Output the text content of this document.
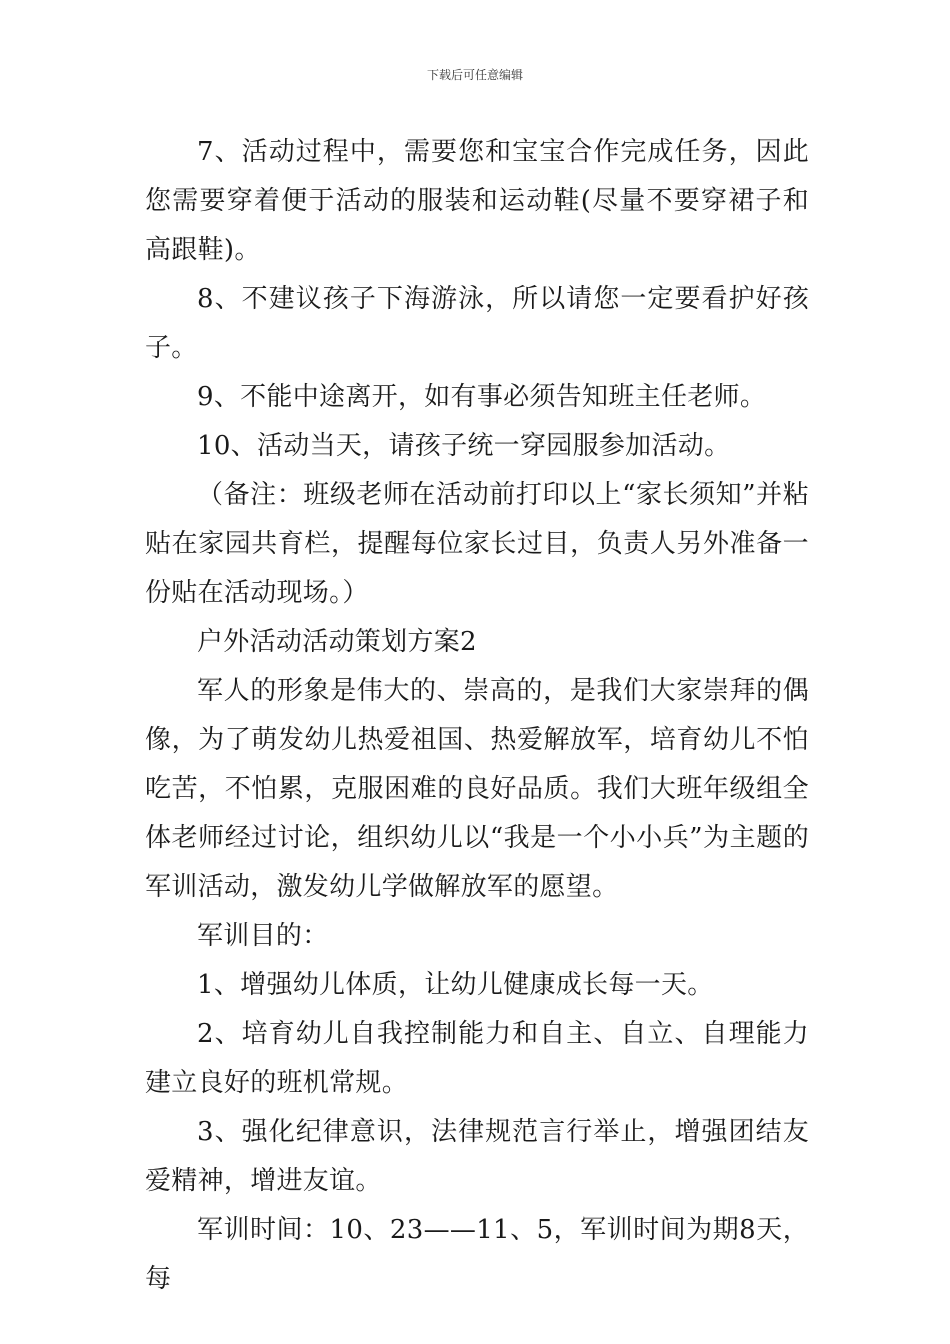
下载后可任意编辑

7、活动过程中，需要您和宝宝合作完成任务，因此您需要穿着便于活动的服装和运动鞋(尽量不要穿裙子和高跟鞋)。

8、不建议孩子下海游泳，所以请您一定要看护好孩子。

9、不能中途离开，如有事必须告知班主任老师。

10、活动当天，请孩子统一穿园服参加活动。

（备注：班级老师在活动前打印以上“家长须知”并粘贴在家园共育栏，提醒每位家长过目，负责人另外准备一份贴在活动现场。）

户外活动活动策划方案2

军人的形象是伟大的、崇高的，是我们大家崇拜的偶像，为了萌发幼儿热爱祖国、热爱解放军，培育幼儿不怕吃苦，不怕累，克服困难的良好品质。我们大班年级组全体老师经过讨论，组织幼儿以“我是一个小小兵”为主题的军训活动，激发幼儿学做解放军的愿望。

军训目的：

1、增强幼儿体质，让幼儿健康成长每一天。

2、培育幼儿自我控制能力和自主、自立、自理能力建立良好的班机常规。

3、强化纪律意识，法律规范言行举止，增强团结友爱精神，增进友谊。

军训时间：10、23——11、5，军训时间为期8天，每
